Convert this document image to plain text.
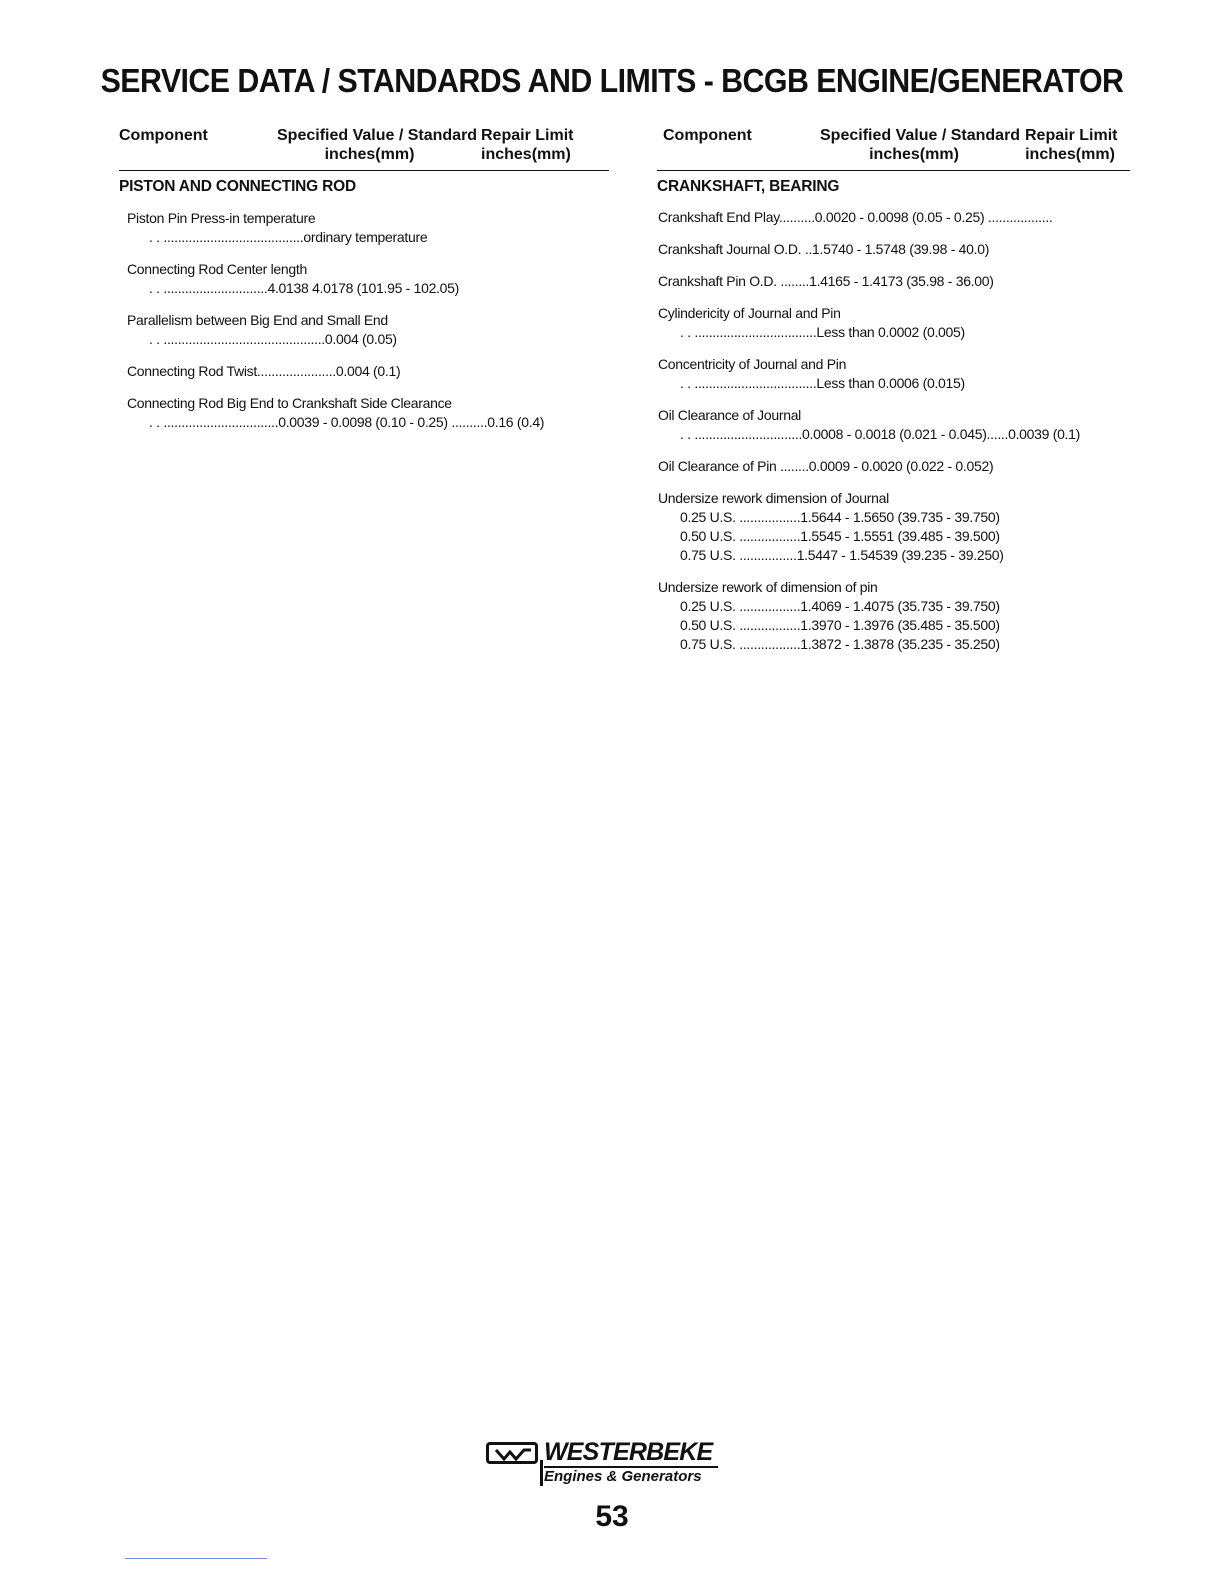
SERVICE DATA / STANDARDS AND LIMITS - BCGB ENGINE/GENERATOR
Component	Specified Value / Standard
inches(mm)
Repair Limit
inches(mm)
PISTON AND CONNECTING ROD
Piston Pin Press-in temperature
. . .......................................ordinary temperature
Connecting Rod Center length
. . .............................4.0138 4.0178 (101.95 - 102.05)
Parallelism between Big End and Small End
. . .............................................0.004 (0.05)
Connecting Rod Twist......................0.004 (0.1)
Connecting Rod Big End to Crankshaft Side Clearance
. . ................................0.0039 - 0.0098 (0.10 - 0.25) ..........0.16 (0.4)
Component	Specified Value / Standard
inches(mm)
Repair Limit
inches(mm)
CRANKSHAFT, BEARING
Crankshaft End Play..........0.0020 - 0.0098 (0.05 - 0.25) ..................
Crankshaft Journal O.D. ..1.5740 - 1.5748 (39.98 - 40.0)
Crankshaft Pin O.D. ........1.4165 - 1.4173 (35.98 - 36.00)
Cylindericity of Journal and Pin
. . ..................................Less than 0.0002 (0.005)
Concentricity of Journal and Pin
. . ..................................Less than 0.0006 (0.015)
Oil Clearance of Journal
. . ..............................0.0008 - 0.0018 (0.021 - 0.045)......0.0039 (0.1)
Oil Clearance of Pin ........0.0009 - 0.0020 (0.022 - 0.052)
Undersize rework dimension of Journal
0.25 U.S. .................1.5644 - 1.5650 (39.735 - 39.750)
0.50 U.S. .................1.5545 - 1.5551 (39.485 - 39.500)
0.75 U.S. ................1.5447 - 1.54539 (39.235 - 39.250)
Undersize rework of dimension of pin
0.25 U.S. .................1.4069 - 1.4075 (35.735 - 39.750)
0.50 U.S. .................1.3970 - 1.3976 (35.485 - 35.500)
0.75 U.S. .................1.3872 - 1.3878 (35.235 - 35.250)
WESTERBEKE
Engines & Generators
53
